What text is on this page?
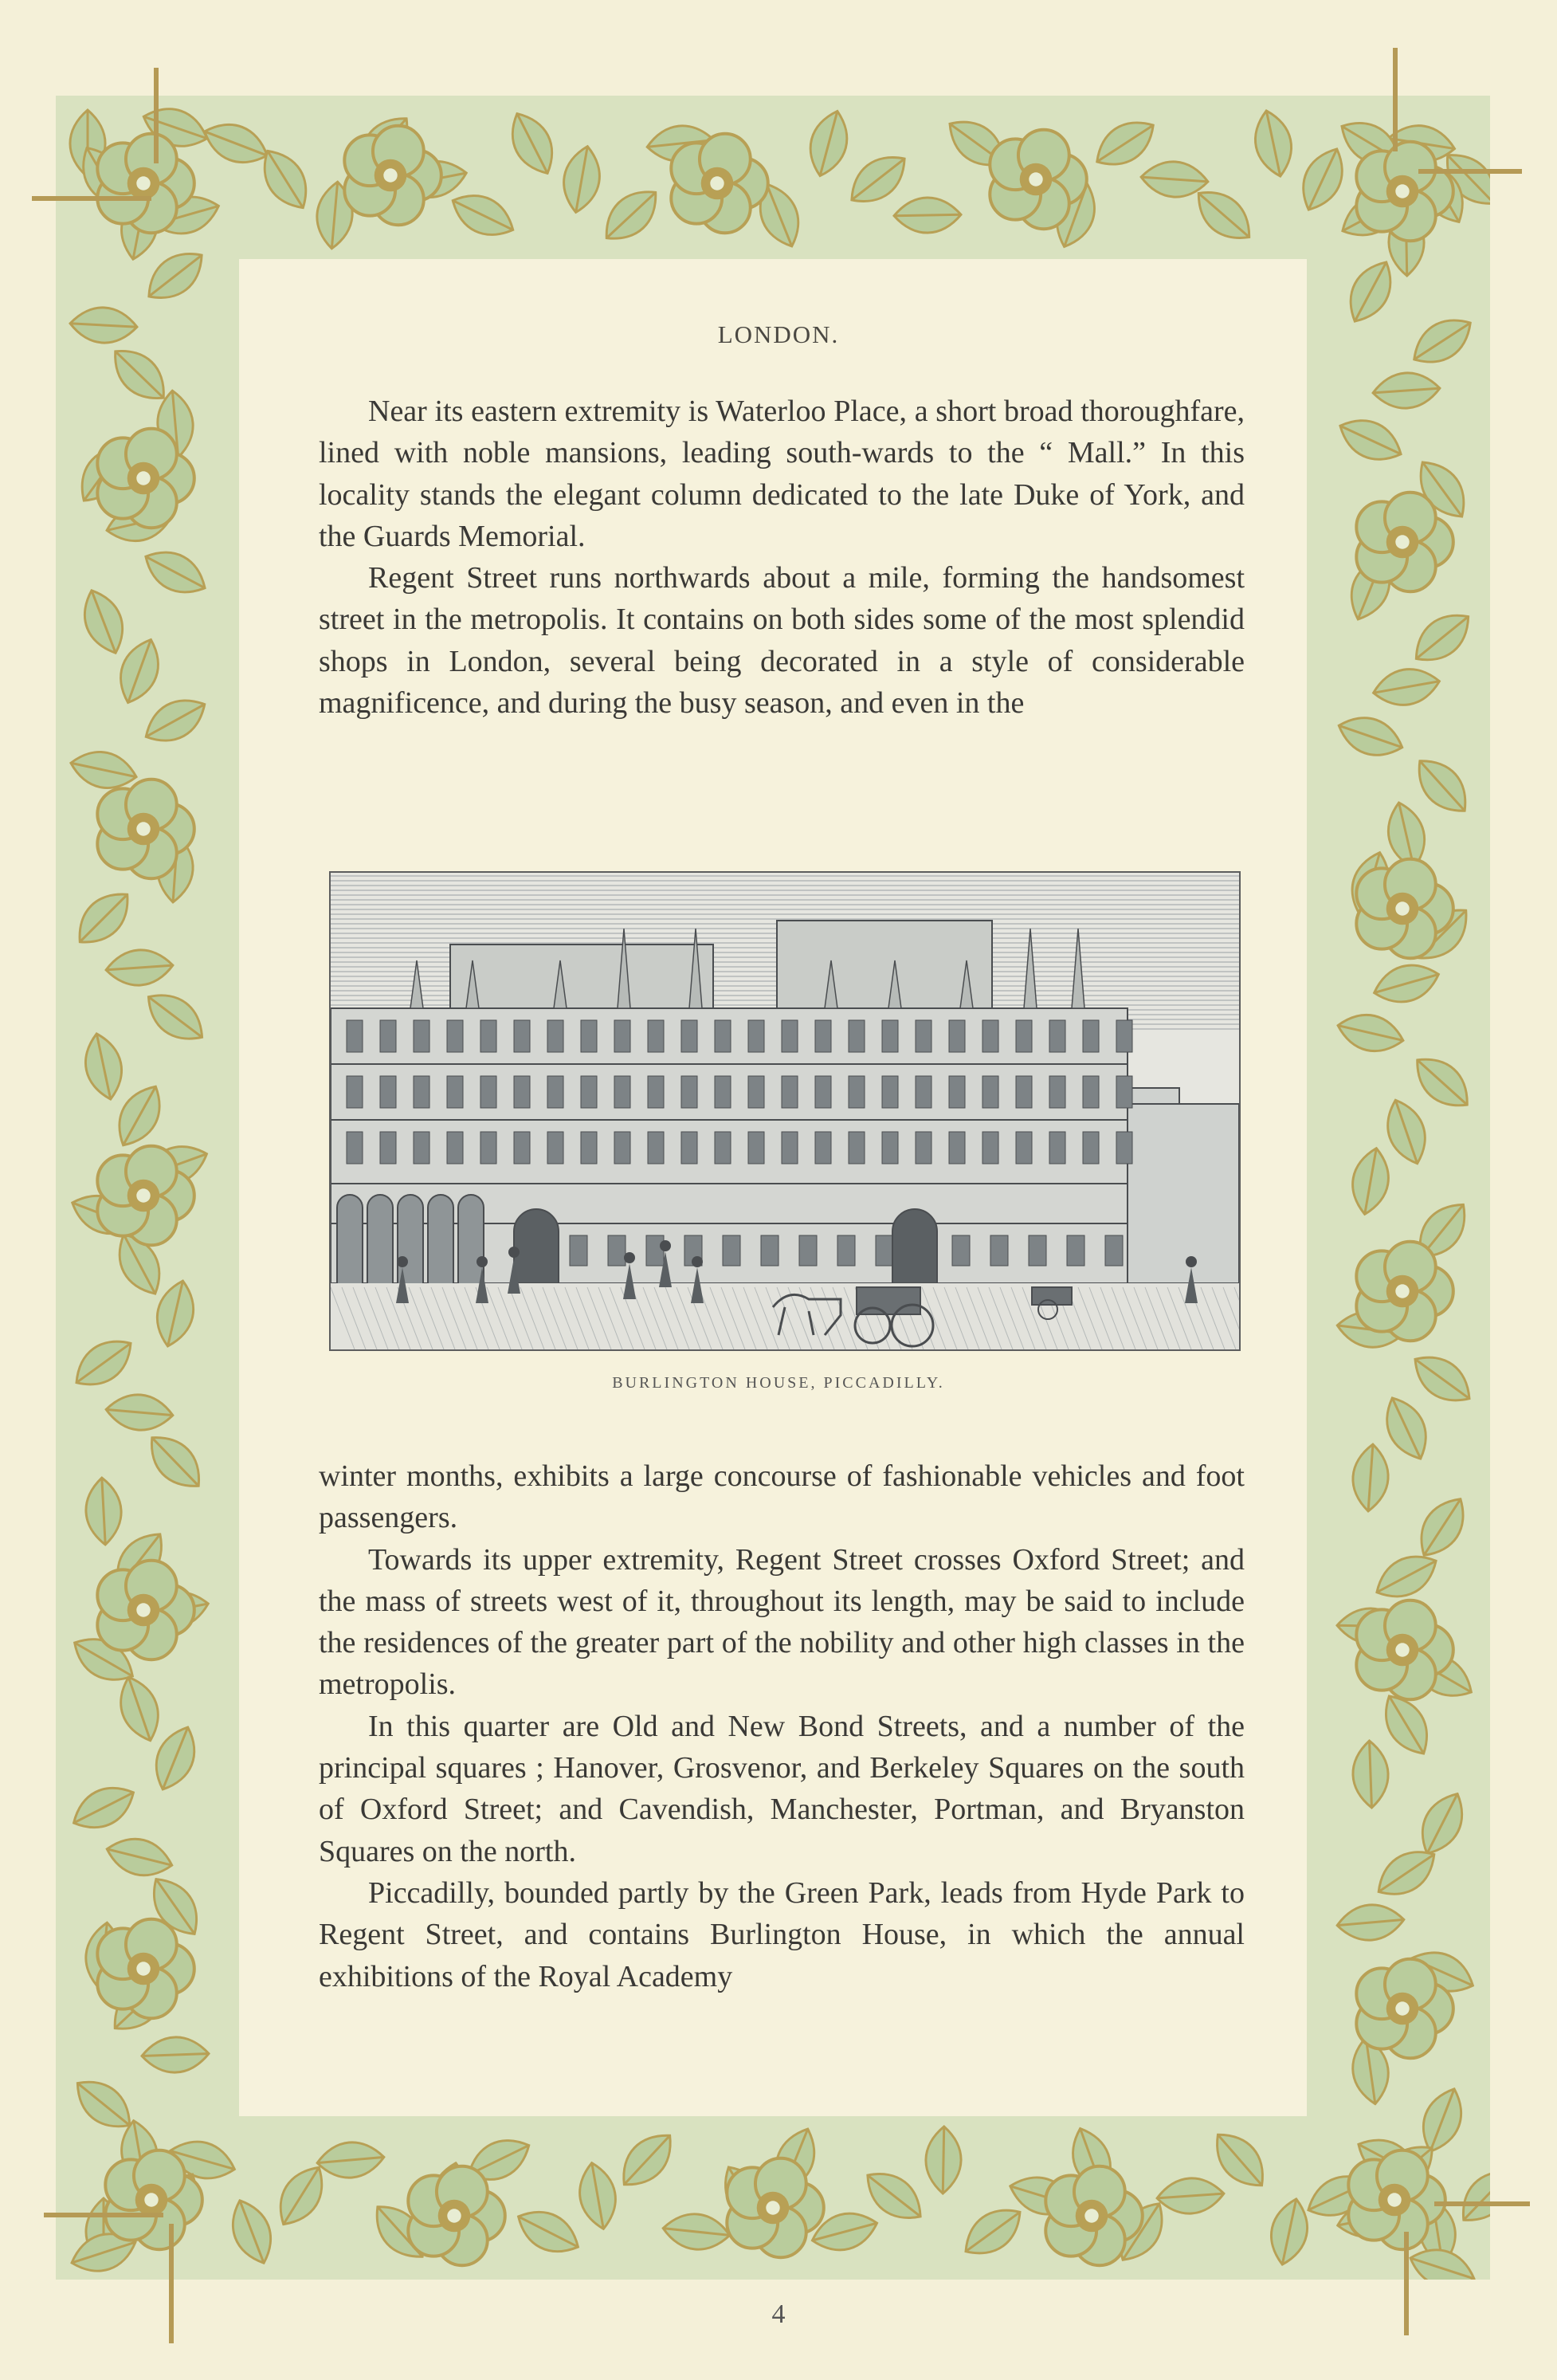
LONDON.

Near its eastern extremity is Waterloo Place, a short broad thoroughfare, lined with noble mansions, leading south-wards to the “ Mall.” In this locality stands the elegant column dedicated to the late Duke of York, and the Guards Memorial.

Regent Street runs northwards about a mile, forming the handsomest street in the metropolis. It contains on both sides some of the most splendid shops in London, several being decorated in a style of considerable magnificence, and during the busy season, and even in the

BURLINGTON HOUSE, PICCADILLY.

winter months, exhibits a large concourse of fashionable vehicles and foot passengers.

Towards its upper extremity, Regent Street crosses Oxford Street; and the mass of streets west of it, throughout its length, may be said to include the residences of the greater part of the nobility and other high classes in the metropolis.

In this quarter are Old and New Bond Streets, and a number of the principal squares ; Hanover, Grosvenor, and Berkeley Squares on the south of Oxford Street; and Cavendish, Manchester, Portman, and Bryanston Squares on the north.

Piccadilly, bounded partly by the Green Park, leads from Hyde Park to Regent Street, and contains Burlington House, in which the annual exhibitions of the Royal Academy

4
